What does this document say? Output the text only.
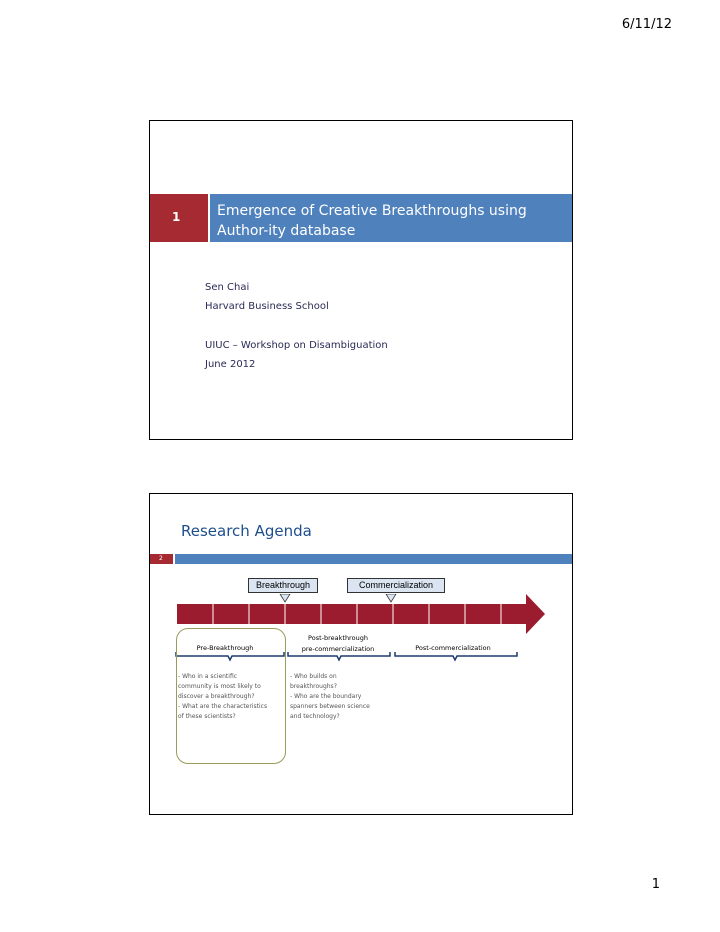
6/11/12
1	Emergence of Creative Breakthroughs using
Author-ity database
Sen Chai
Harvard Business School
UIUC – Workshop on Disambiguation
June 2012
Research Agenda
2
Breakthrough	Commercialization
Pre-Breakthrough
Post-breakthrough
pre-commercialization	Post-commercialization
- Who in a scientific
community is most likely to
discover a breakthrough?
- What are the characteristics
of these scientists?
- Who builds on
breakthroughs?
- Who are the boundary
spanners between science
and technology?
1
